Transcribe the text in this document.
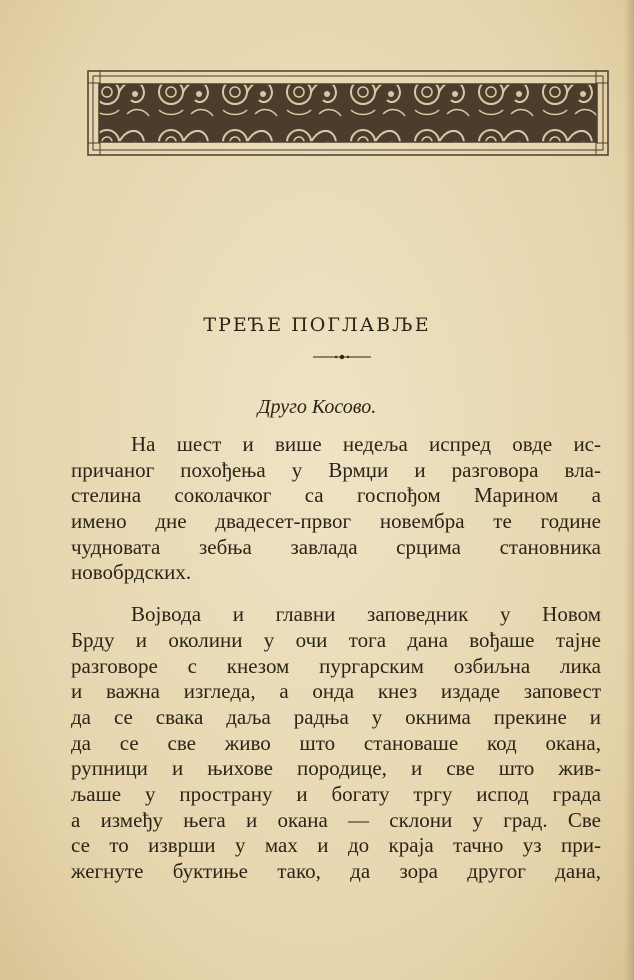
ТРЕЋЕ ПОГЛАВЉЕ
Друго Косово.

На шест и више недеља испред овде ис-
причаног похођења у Врмџи и разговора вла-
стелина соколачког са госпођом Марином а
имено дне двадесет-првог новембра те године
чудновата зебња завлада срцима становника
новобрдских.

Војвода и главни заповедник у Новом
Брду и околини у очи тога дана вођаше тајне
разговоре с кнезом пургарским озбиљна лика
и важна изгледа, а онда кнез издаде заповест
да се свака даља радња у окнима прекине и
да се све живо што становаше код окана,
рупници и њихове породице, и све што жив-
љаше у пространу и богату тргу испод града
а између њега и окана — склони у град. Све
се то изврши у мах и до краја тачно уз при-
жегнуте буктиње тако, да зора другог дана,
